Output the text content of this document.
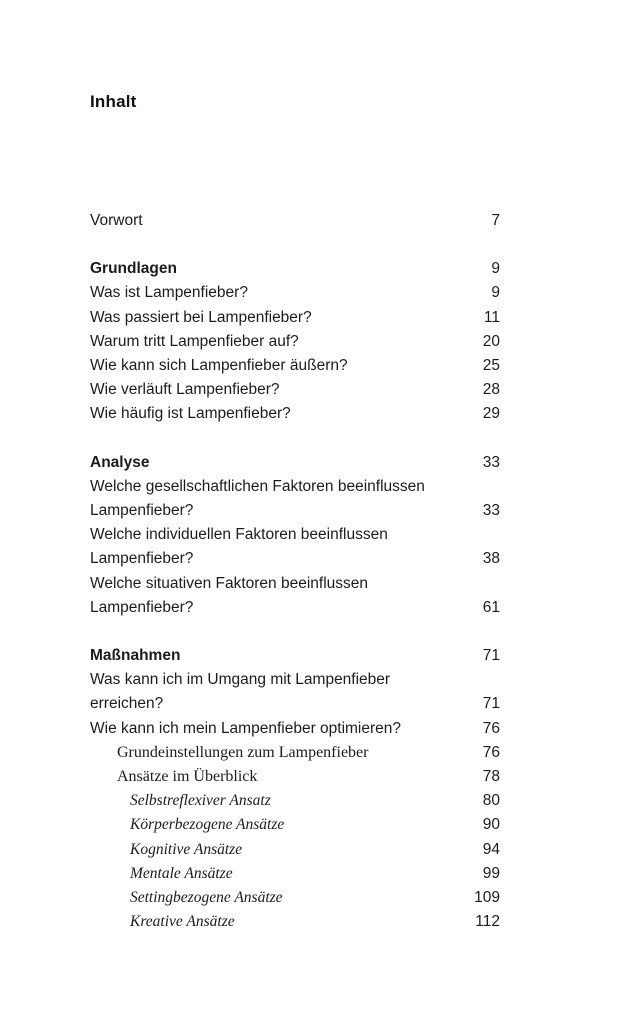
Inhalt
Vorwort	7
Grundlagen	9
Was ist Lampenfieber?	9
Was passiert bei Lampenfieber?	11
Warum tritt Lampenfieber auf?	20
Wie kann sich Lampenfieber äußern?	25
Wie verläuft Lampenfieber?	28
Wie häufig ist Lampenfieber?	29
Analyse	33
Welche gesellschaftlichen Faktoren beeinflussen Lampenfieber?	33
Welche individuellen Faktoren beeinflussen Lampenfieber?	38
Welche situativen Faktoren beeinflussen Lampenfieber?	61
Maßnahmen	71
Was kann ich im Umgang mit Lampenfieber erreichen?	71
Wie kann ich mein Lampenfieber optimieren?	76
Grundeinstellungen zum Lampenfieber	76
Ansätze im Überblick	78
Selbstreflexiver Ansatz	80
Körperbezogene Ansätze	90
Kognitive Ansätze	94
Mentale Ansätze	99
Settingbezogene Ansätze	109
Kreative Ansätze	112
